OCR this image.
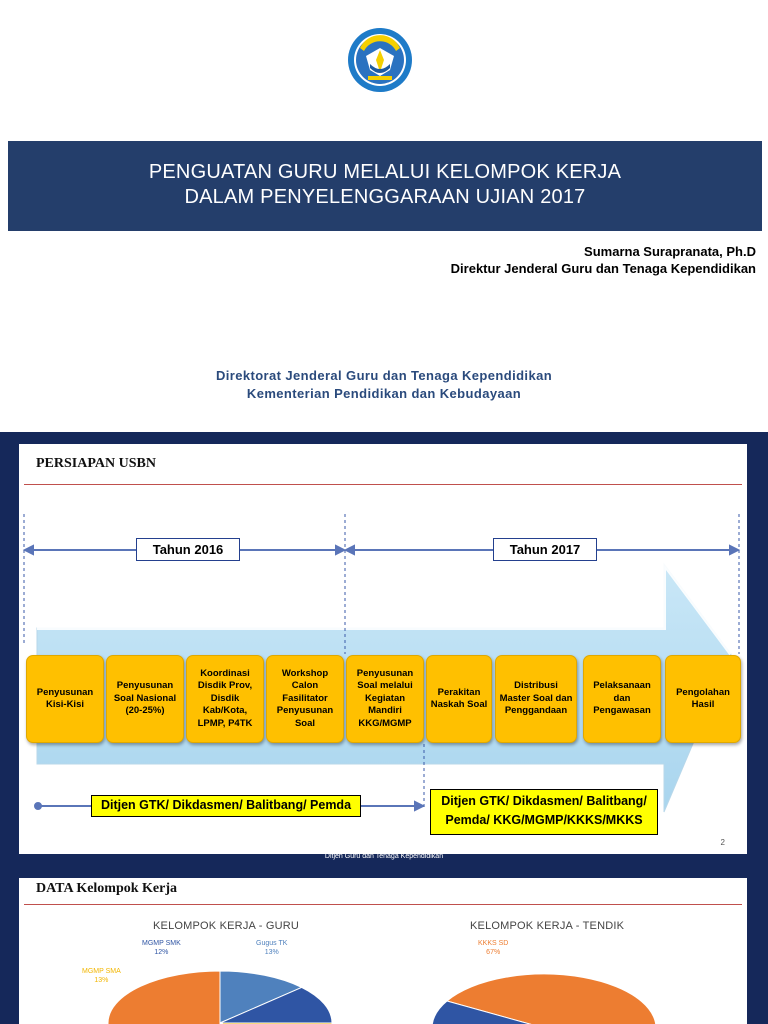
PENGUATAN GURU MELALUI KELOMPOK KERJA
DALAM PENYELENGGARAAN UJIAN 2017
Sumarna Surapranata, Ph.D
Direktur Jenderal Guru dan Tenaga Kependidikan
Direktorat Jenderal Guru dan Tenaga Kependidikan
Kementerian Pendidikan dan Kebudayaan
PERSIAPAN USBN
Tahun 2016	Tahun 2017
Penyusunan Kisi-Kisi
Penyusunan Soal Nasional (20-25%)
Koordinasi Disdik Prov, Disdik Kab/Kota, LPMP, P4TK
Workshop Calon Fasilitator Penyusunan Soal
Penyusunan Soal melalui Kegiatan Mandiri KKG/MGMP
Perakitan Naskah Soal
Distribusi Master Soal dan Penggandaan
Pelaksanaan dan Pengawasan
Pengolahan Hasil
Ditjen GTK/ Dikdasmen/ Balitbang/ Pemda	Ditjen GTK/ Dikdasmen/ Balitbang/
Pemda/ KKG/MGMP/KKKS/MKKS
2
Ditjen Guru dan Tenaga Kependidikan
DATA Kelompok Kerja
KELOMPOK KERJA - GURU	KELOMPOK KERJA - TENDIK
Gugus TK
13%
MGMP SMK
12%
MGMP SMA
13%
KKKS SD
67%
